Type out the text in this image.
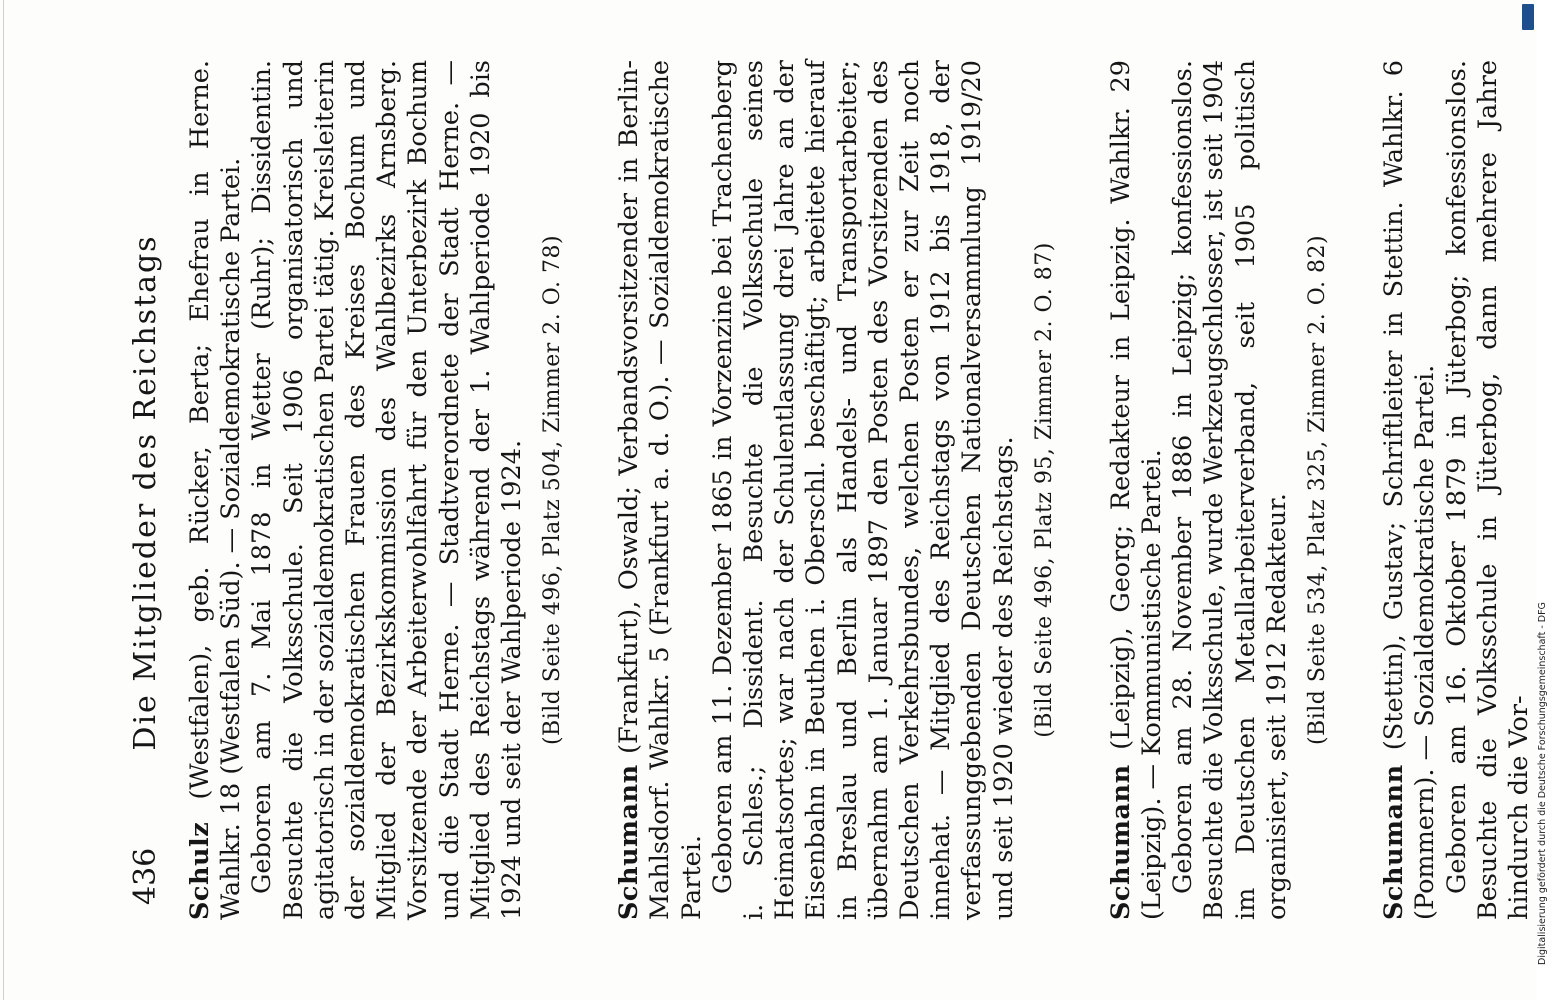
436
Die Mitglieder des Reichstags

Schulz (Westfalen), geb. Rücker, Berta; Ehefrau in Herne. Wahlkr. 18 (Westfalen Süd). — Sozialdemokratische Partei. Geboren am 7. Mai 1878 in Wetter (Ruhr); Dissidentin. Besuchte die Volksschule. Seit 1906 organisatorisch und agitatorisch in der sozialdemokratischen Partei tätig. Kreisleiterin der sozialdemokratischen Frauen des Kreises Bochum und Mitglied der Bezirkskommission des Wahlbezirks Arnsberg. Vorsitzende der Arbeiterwohlfahrt für den Unterbezirk Bochum und die Stadt Herne. — Stadtverordnete der Stadt Herne. — Mitglied des Reichstags während der 1. Wahlperiode 1920 bis 1924 und seit der Wahlperiode 1924. (Bild Seite 496, Platz 504, Zimmer 2. O. 78)

Schumann (Frankfurt), Oswald; Verbandsvorsitzender in Berlin-Mahlsdorf. Wahlkr. 5 (Frankfurt a. d. O.). — Sozialdemokratische Partei. Geboren am 11. Dezember 1865 in Vorzenzine bei Trachenberg i. Schles.; Dissident. Besuchte die Volksschule seines Heimatsortes; war nach der Schulentlassung drei Jahre an der Eisenbahn in Beuthen i. Oberschl. beschäftigt; arbeitete hierauf in Breslau und Berlin als Handels- und Transportarbeiter; übernahm am 1. Januar 1897 den Posten des Vorsitzenden des Deutschen Verkehrsbundes, welchen Posten er zur Zeit noch innehat. — Mitglied des Reichstags von 1912 bis 1918, der verfassunggebenden Deutschen Nationalversammlung 1919/20 und seit 1920 wieder des Reichstags. (Bild Seite 496, Platz 95, Zimmer 2. O. 87)

Schumann (Leipzig), Georg; Redakteur in Leipzig. Wahlkr. 29 (Leipzig). — Kommunistische Partei. Geboren am 28. November 1886 in Leipzig; konfessionslos. Besuchte die Volksschule, wurde Werkzeugschlosser, ist seit 1904 im Deutschen Metallarbeiterverband, seit 1905 politisch organisiert, seit 1912 Redakteur. (Bild Seite 534, Platz 325, Zimmer 2. O. 82)

Schumann (Stettin), Gustav; Schriftleiter in Stettin. Wahlkr. 6 (Pommern). — Sozialdemokratische Partei. Geboren am 16. Oktober 1879 in Jüterbog; konfessionslos. Besuchte die Volksschule in Jüterbog, dann mehrere Jahre hindurch die Vor- Digitalisierung gefördert durch die Deutsche Forschungsgemeinschaft - DFG
